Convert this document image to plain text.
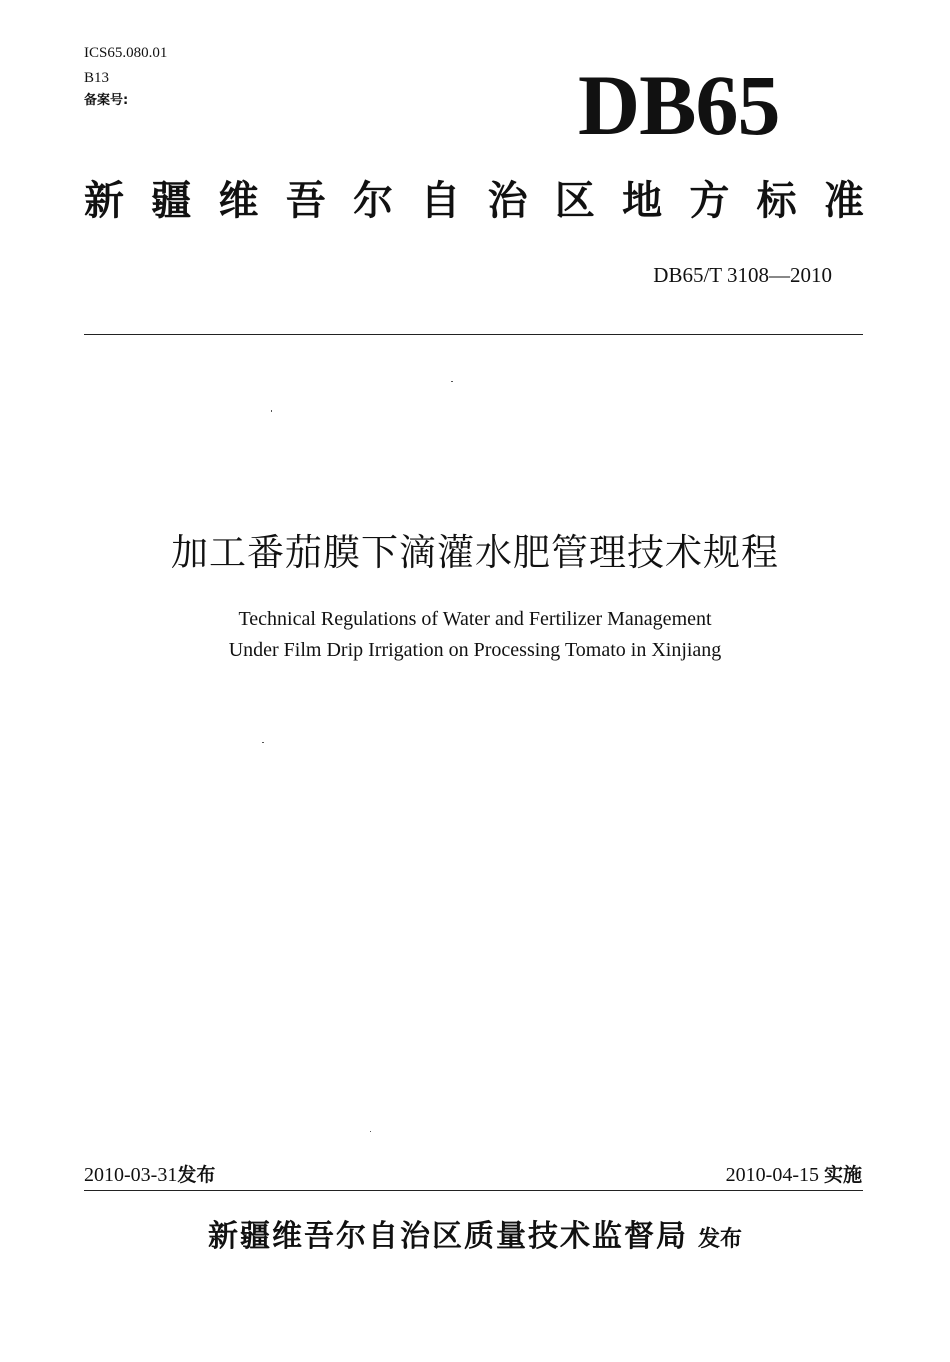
ICS65.080.01
B13
备案号:	DB65
新 疆 维 吾 尔 自 治 区 地 方 标 准
DB65/T 3108—2010
加工番茄膜下滴灌水肥管理技术规程
Technical Regulations of Water and Fertilizer Management
Under Film Drip Irrigation on Processing Tomato in Xinjiang
2010-03-31发布	2010-04-15 实施
新疆维吾尔自治区质量技术监督局 发布
